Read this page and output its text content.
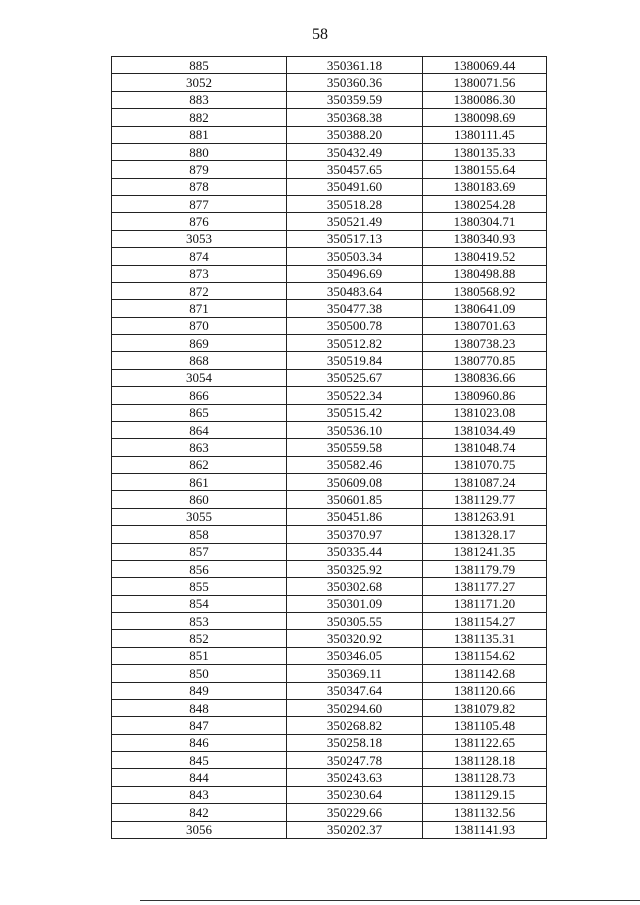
58
885	350361.18	1380069.44
3052	350360.36	1380071.56
883	350359.59	1380086.30
882	350368.38	1380098.69
881	350388.20	1380111.45
880	350432.49	1380135.33
879	350457.65	1380155.64
878	350491.60	1380183.69
877	350518.28	1380254.28
876	350521.49	1380304.71
3053	350517.13	1380340.93
874	350503.34	1380419.52
873	350496.69	1380498.88
872	350483.64	1380568.92
871	350477.38	1380641.09
870	350500.78	1380701.63
869	350512.82	1380738.23
868	350519.84	1380770.85
3054	350525.67	1380836.66
866	350522.34	1380960.86
865	350515.42	1381023.08
864	350536.10	1381034.49
863	350559.58	1381048.74
862	350582.46	1381070.75
861	350609.08	1381087.24
860	350601.85	1381129.77
3055	350451.86	1381263.91
858	350370.97	1381328.17
857	350335.44	1381241.35
856	350325.92	1381179.79
855	350302.68	1381177.27
854	350301.09	1381171.20
853	350305.55	1381154.27
852	350320.92	1381135.31
851	350346.05	1381154.62
850	350369.11	1381142.68
849	350347.64	1381120.66
848	350294.60	1381079.82
847	350268.82	1381105.48
846	350258.18	1381122.65
845	350247.78	1381128.18
844	350243.63	1381128.73
843	350230.64	1381129.15
842	350229.66	1381132.56
3056	350202.37	1381141.93
